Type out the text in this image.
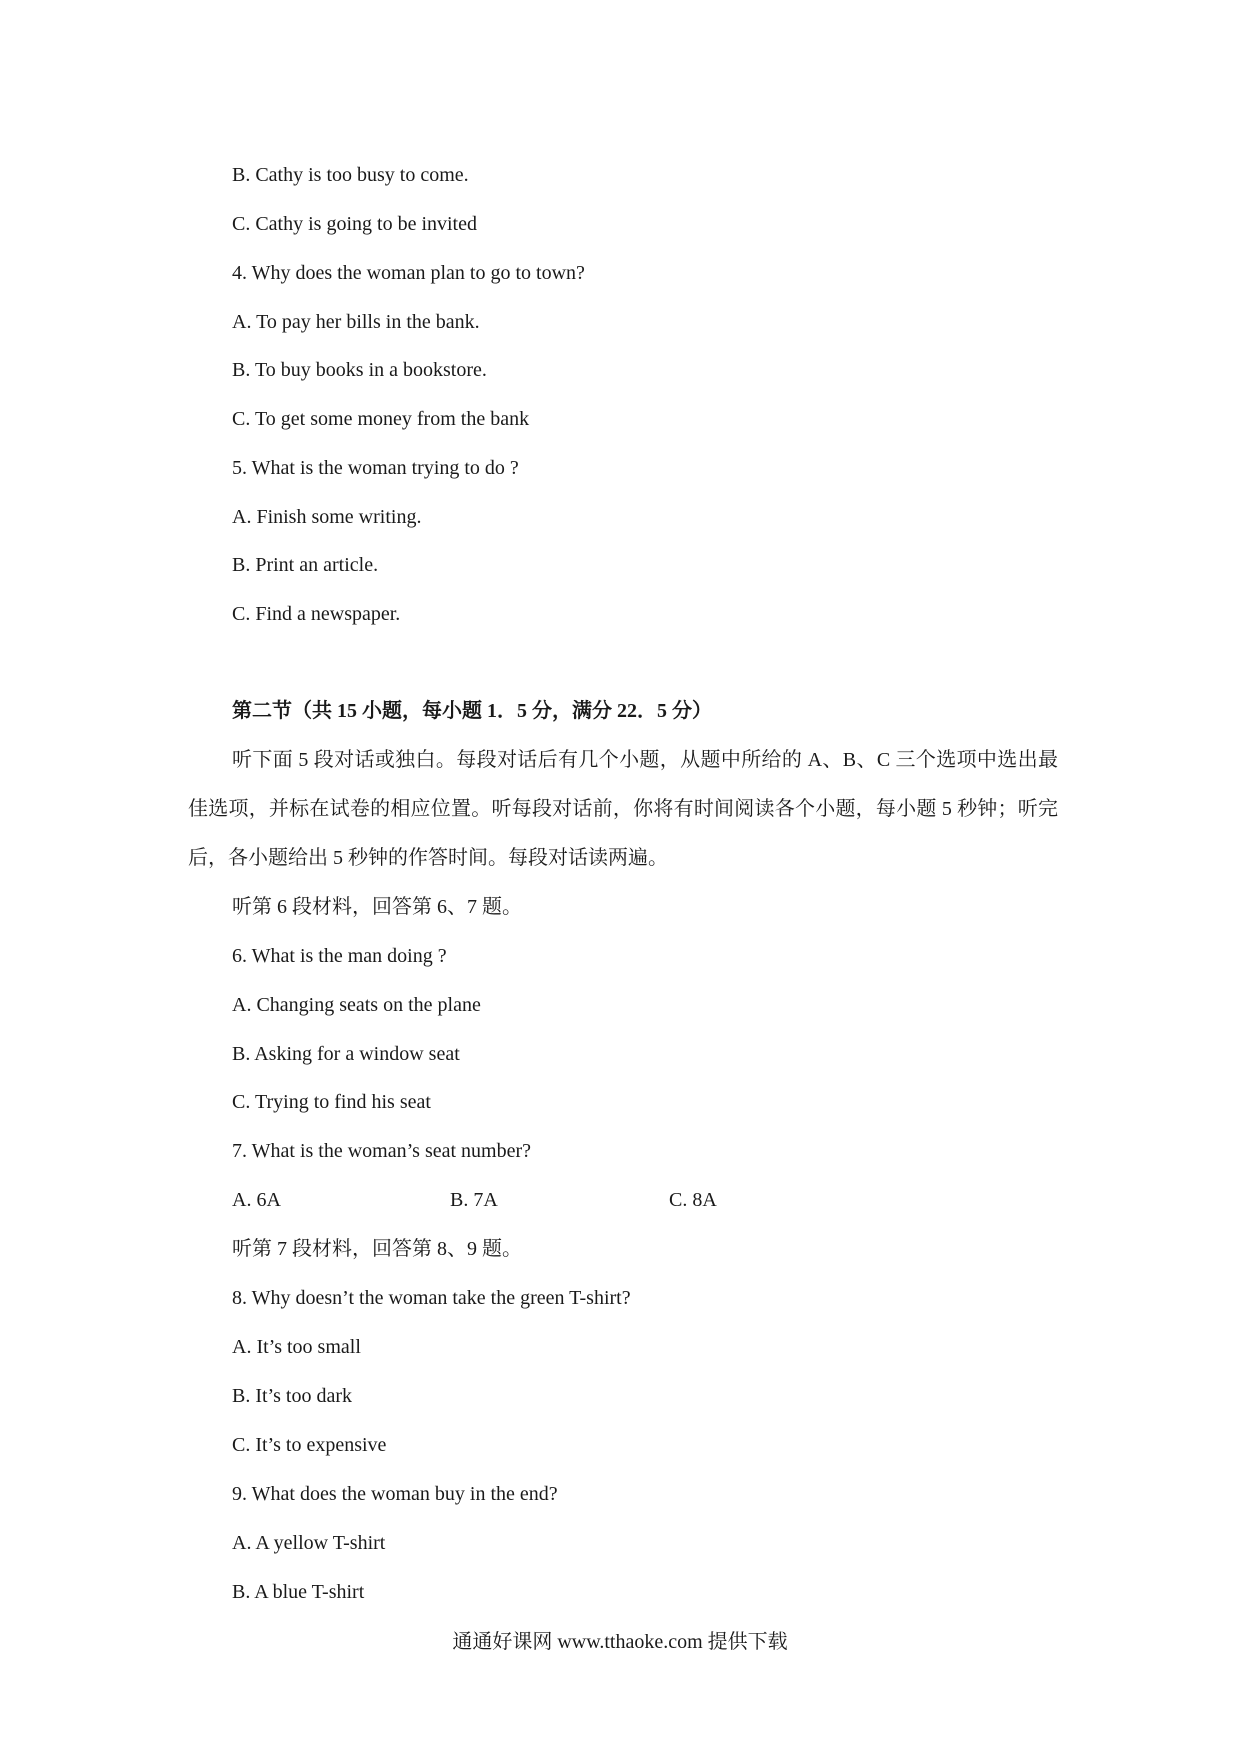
B. Cathy is too busy to come.
C. Cathy is going to be invited
4. Why does the woman plan to go to town?
A. To pay her bills in the bank.
B. To buy books in a bookstore.
C. To get some money from the bank
5. What is the woman trying to do ?
A. Finish some writing.
B. Print an article.
C. Find a newspaper.
第二节（共 15 小题，每小题 1．5 分，满分 22．5 分）
听下面 5 段对话或独白。每段对话后有几个小题，从题中所给的 A、B、C 三个选项中选出最佳选项，并标在试卷的相应位置。听每段对话前，你将有时间阅读各个小题，每小题 5 秒钟；听完后，各小题给出 5 秒钟的作答时间。每段对话读两遍。
听第 6 段材料，回答第 6、7 题。
6. What is the man doing ?
A. Changing seats on the plane
B. Asking for a window seat
C. Trying to find his seat
7. What is the woman’s seat number?
A. 6A	B. 7A	C. 8A
听第 7 段材料，回答第 8、9 题。
8. Why doesn’t the woman take the green T-shirt?
A. It’s too small
B. It’s too dark
C. It’s to expensive
9. What does the woman buy in the end?
A. A yellow T-shirt
B. A blue T-shirt
通通好课网 www.tthaoke.com 提供下载
